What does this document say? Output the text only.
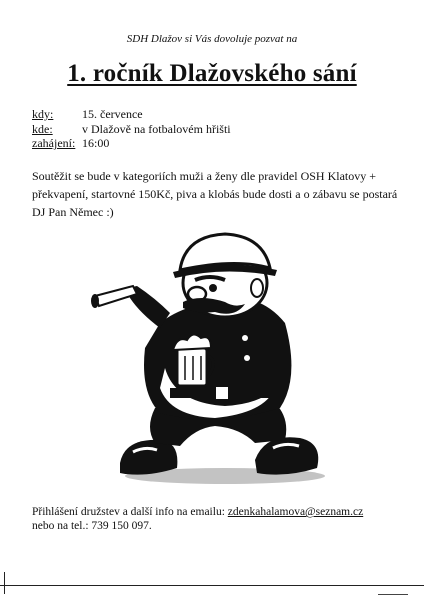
SDH Dlažov si Vás dovoluje pozvat na
1. ročník Dlažovského sání
kdy:	15. července
kde:	v Dlažově na fotbalovém hřišti
zahájení: 16:00
Soutěžit se bude v kategoriích muži a ženy dle pravidel OSH Klatovy + překvapení, startovné 150Kč, piva a klobás bude dosti a o zábavu se postará DJ Pan Němec :)
Přihlášení družstev a další info na emailu: zdenkahalamova@seznam.cz
nebo na tel.: 739 150 097.
